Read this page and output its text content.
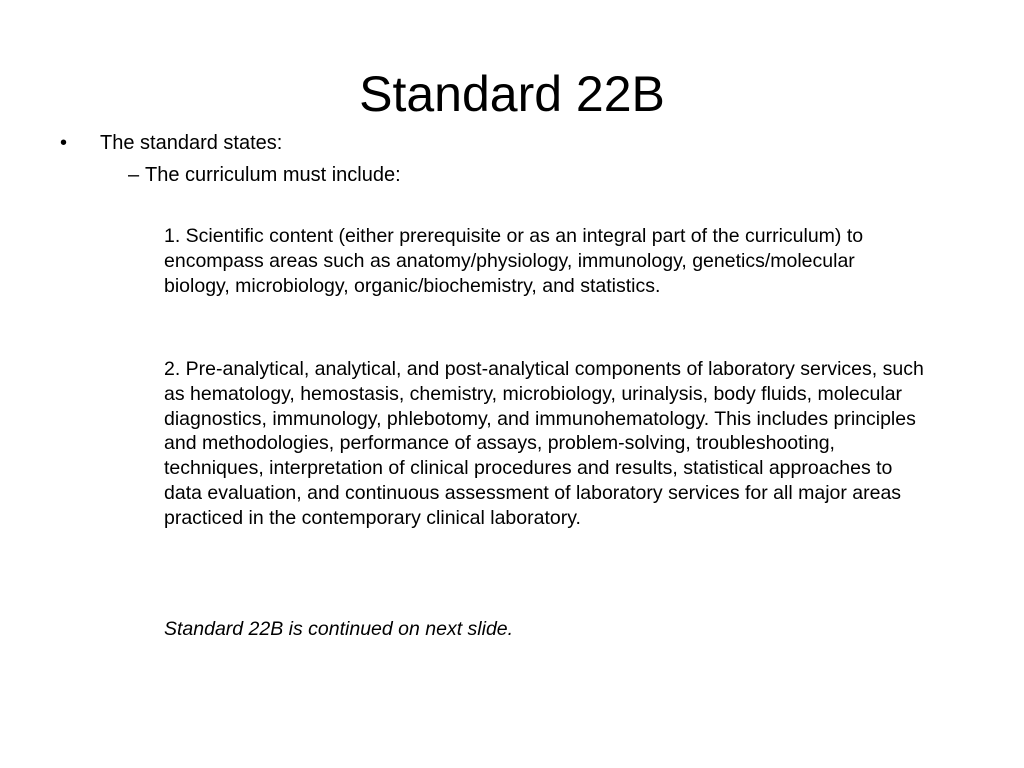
Standard 22B
•	The standard states:
– The curriculum must include:

1. Scientific content (either prerequisite or as an integral part of the curriculum) to encompass areas such as anatomy/physiology, immunology, genetics/molecular biology, microbiology, organic/biochemistry, and statistics.

2. Pre-analytical, analytical, and post-analytical components of laboratory services, such as hematology, hemostasis, chemistry, microbiology, urinalysis, body fluids, molecular diagnostics, immunology, phlebotomy, and immunohematology. This includes principles and methodologies, performance of assays, problem-solving, troubleshooting, techniques, interpretation of clinical procedures and results, statistical approaches to data evaluation, and continuous assessment of laboratory services for all major areas practiced in the contemporary clinical laboratory.

Standard 22B is continued on next slide.
